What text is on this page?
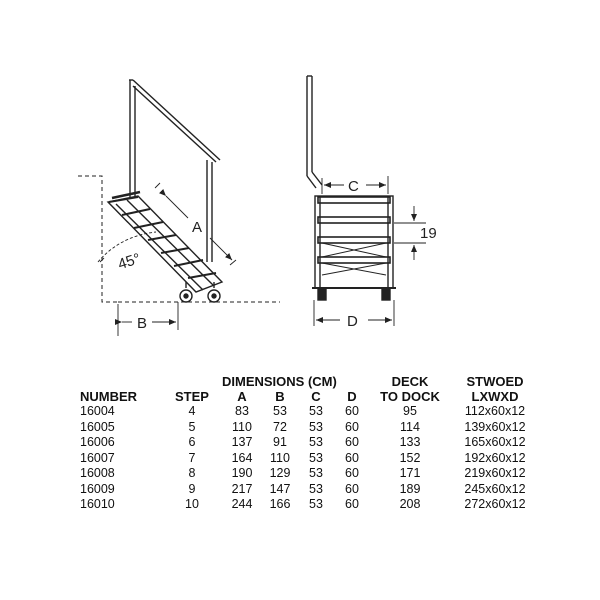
A
45°
B
C
19
D
		DIMENSIONS (CM)				DECK	STWOED
NUMBER	STEP	A	B	C	D	TO DOCK	LXWXD
16004	4	83	53	53	60	95	112x60x12
16005	5	110	72	53	60	114	139x60x12
16006	6	137	91	53	60	133	165x60x12
16007	7	164	110	53	60	152	192x60x12
16008	8	190	129	53	60	171	219x60x12
16009	9	217	147	53	60	189	245x60x12
16010	10	244	166	53	60	208	272x60x12
